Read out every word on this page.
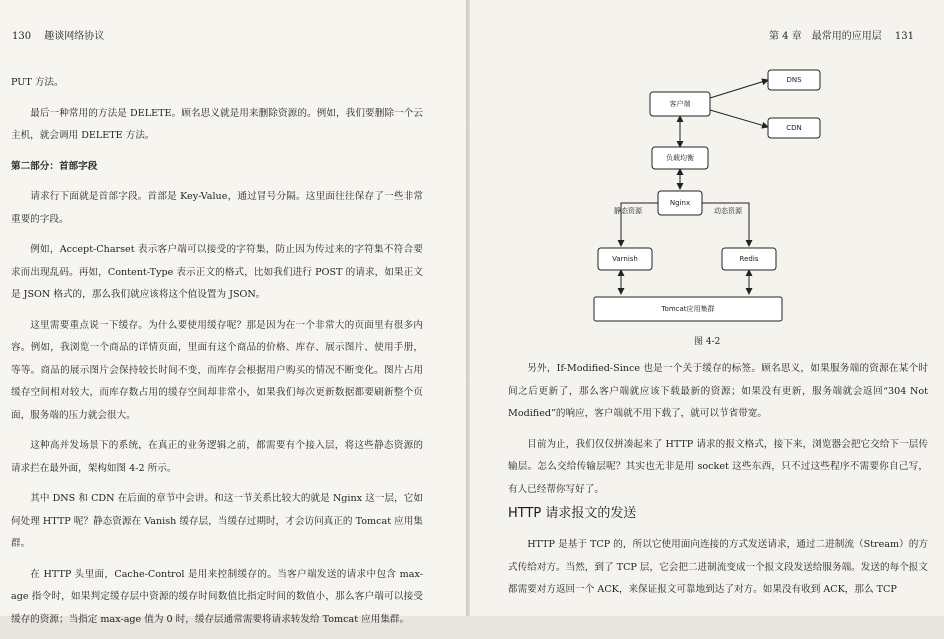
130 趣谈网络协议

PUT 方法。

最后一种常用的方法是 DELETE。顾名思义就是用来删除资源的。例如，我们要删除一个云主机，就会调用 DELETE 方法。

第二部分：首部字段

请求行下面就是首部字段。首部是 Key-Value，通过冒号分隔。这里面往往保存了一些非常重要的字段。

例如，Accept-Charset 表示客户端可以接受的字符集，防止因为传过来的字符集不符合要求而出现乱码。再如，Content-Type 表示正文的格式，比如我们进行 POST 的请求，如果正文是 JSON 格式的，那么我们就应该将这个值设置为 JSON。

这里需要重点说一下缓存。为什么要使用缓存呢？那是因为在一个非常大的页面里有很多内容。例如，我浏览一个商品的详情页面，里面有这个商品的价格、库存、展示图片、使用手册，等等。商品的展示图片会保持较长时间不变，而库存会根据用户购买的情况不断变化。图片占用缓存空间相对较大，而库存数占用的缓存空间却非常小，如果我们每次更新数据都要刷新整个页面，服务端的压力就会很大。

这种高并发场景下的系统，在真正的业务逻辑之前，都需要有个接入层，将这些静态资源的请求拦在最外面，架构如图 4-2 所示。

其中 DNS 和 CDN 在后面的章节中会讲。和这一节关系比较大的就是 Nginx 这一层，它如何处理 HTTP 呢？静态资源在 Vanish 缓存层，当缓存过期时，才会访问真正的 Tomcat 应用集群。

在 HTTP 头里面，Cache-Control 是用来控制缓存的。当客户端发送的请求中包含 max-age 指令时，如果判定缓存层中资源的缓存时间数值比指定时间的数值小，那么客户端可以接受缓存的资源；当指定 max-age 值为 0 时，缓存层通常需要将请求转发给 Tomcat 应用集群。

第 4 章　最常用的应用层 131
DNS
客户端
CDN
负载均衡
Nginx
静态资源	动态资源
Varnish	Redis
Tomcat应用集群
图 4-2

另外，If-Modified-Since 也是一个关于缓存的标签。顾名思义，如果服务端的资源在某个时间之后更新了，那么客户端就应该下载最新的资源；如果没有更新，服务端就会返回“304 Not Modified”的响应，客户端就不用下载了，就可以节省带宽。

目前为止，我们仅仅拼凑起来了 HTTP 请求的报文格式，接下来，浏览器会把它交给下一层传输层。怎么交给传输层呢？其实也无非是用 socket 这些东西，只不过这些程序不需要你自己写，有人已经帮你写好了。

HTTP 请求报文的发送

HTTP 是基于 TCP 的，所以它使用面向连接的方式发送请求，通过二进制流（Stream）的方式传给对方。当然，到了 TCP 层，它会把二进制流变成一个报文段发送给服务端。发送的每个报文都需要对方返回一个 ACK，来保证报文可靠地到达了对方。如果没有收到 ACK，那么 TCP
